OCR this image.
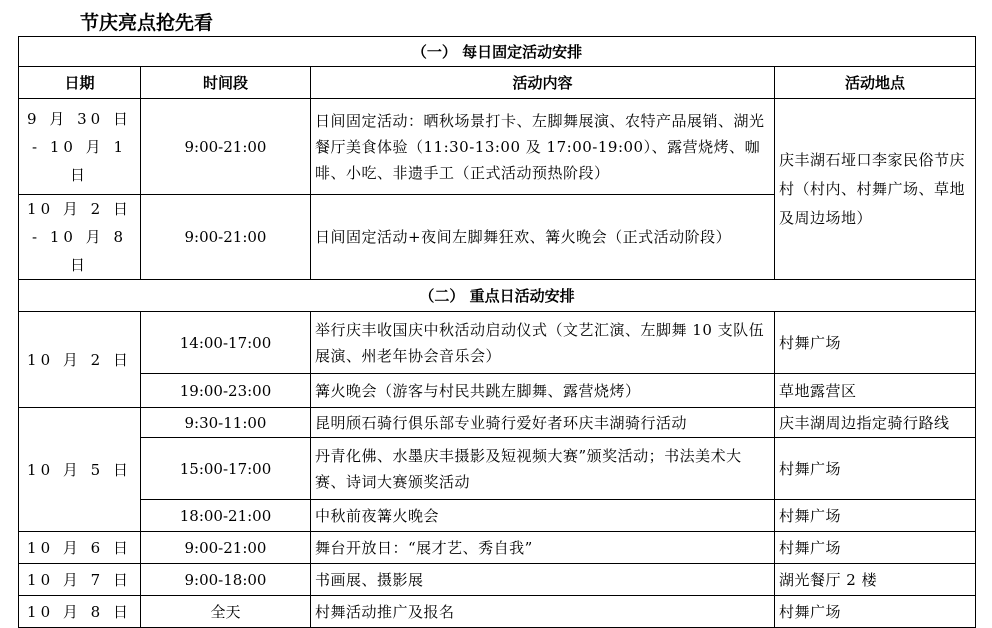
节庆亮点抢先看
（一） 每日固定活动安排			
日期	时间段	活动内容	活动地点
9 月 30 日 - 10 月 1 日	9:00-21:00	日间固定活动：晒秋场景打卡、左脚舞展演、农特产品展销、湖光餐厅美食体验（11:30-13:00 及 17:00-19:00）、露营烧烤、咖啡、小吃、非遗手工（正式活动预热阶段）	庆丰湖石垭口李家民俗节庆村（村内、村舞广场、草地及周边场地）
10 月 2 日 - 10 月 8 日	9:00-21:00	日间固定活动+夜间左脚舞狂欢、篝火晚会（正式活动阶段）	
（二） 重点日活动安排			
10 月 2 日	14:00-17:00	举行庆丰收国庆中秋活动启动仪式（文艺汇演、左脚舞 10 支队伍展演、州老年协会音乐会）	村舞广场
	19:00-23:00	篝火晚会（游客与村民共跳左脚舞、露营烧烤）	草地露营区
10 月 5 日	9:30-11:00	昆明颀石骑行俱乐部专业骑行爱好者环庆丰湖骑行活动	庆丰湖周边指定骑行路线
	15:00-17:00	丹青化佛、水墨庆丰摄影及短视频大赛”颁奖活动；书法美术大赛、诗词大赛颁奖活动	村舞广场
	18:00-21:00	中秋前夜篝火晚会	村舞广场
10 月 6 日	9:00-21:00	舞台开放日：“展才艺、秀自我”	村舞广场
10 月 7 日	9:00-18:00	书画展、摄影展	湖光餐厅 2 楼
10 月 8 日	全天	村舞活动推广及报名	村舞广场
